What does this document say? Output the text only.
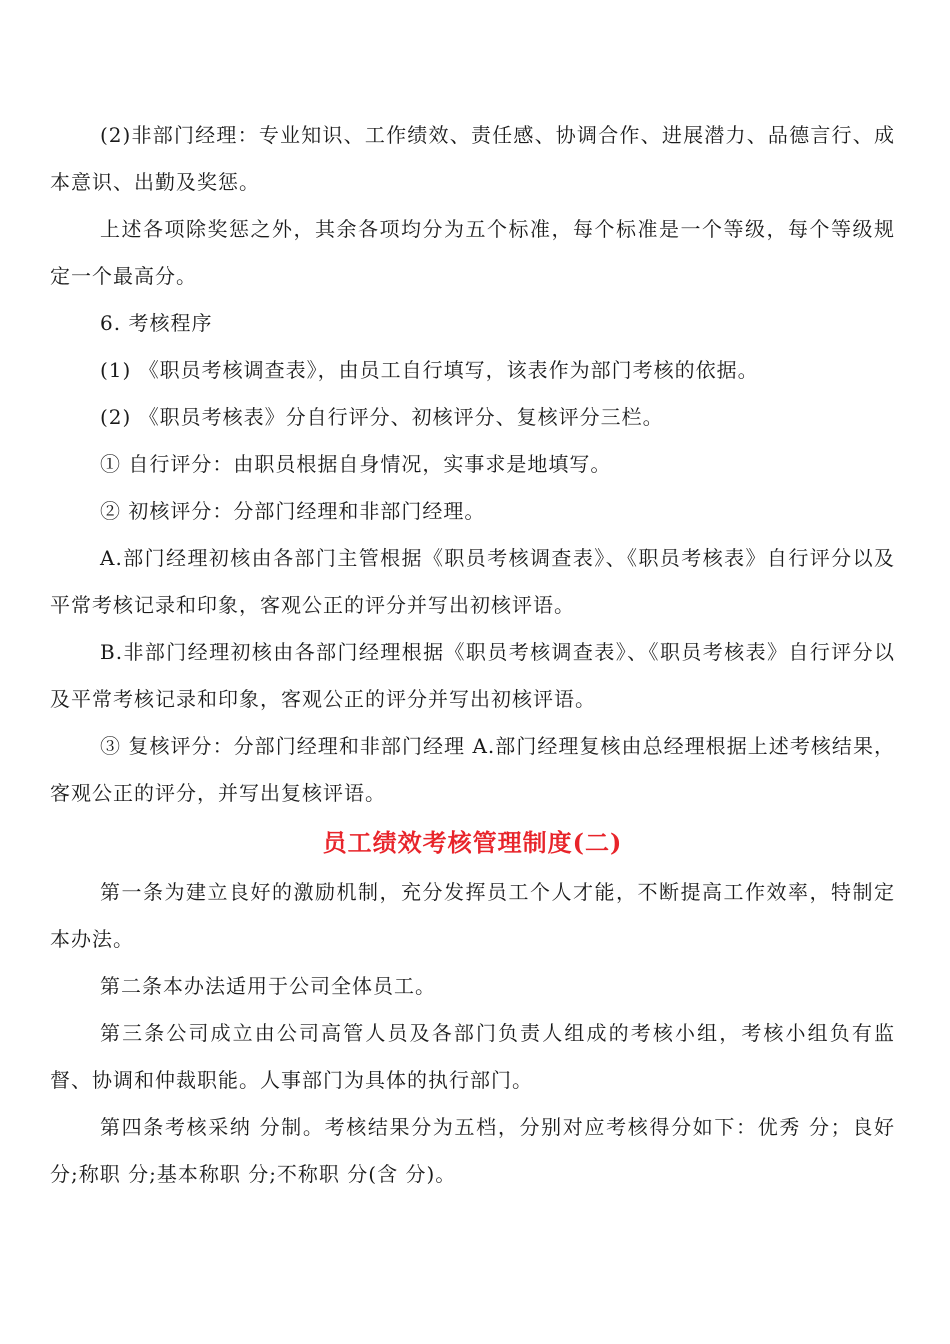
(2)非部门经理：专业知识、工作绩效、责任感、协调合作、进展潜力、品德言行、成本意识、出勤及奖惩。

上述各项除奖惩之外，其余各项均分为五个标准，每个标准是一个等级，每个等级规定一个最高分。

6. 考核程序

(1) 《职员考核调查表》，由员工自行填写，该表作为部门考核的依据。

(2) 《职员考核表》分自行评分、初核评分、复核评分三栏。

① 自行评分：由职员根据自身情况，实事求是地填写。

② 初核评分：分部门经理和非部门经理。

A.部门经理初核由各部门主管根据《职员考核调查表》、《职员考核表》自行评分以及平常考核记录和印象，客观公正的评分并写出初核评语。

B.非部门经理初核由各部门经理根据《职员考核调查表》、《职员考核表》自行评分以及平常考核记录和印象，客观公正的评分并写出初核评语。

③ 复核评分：分部门经理和非部门经理 A.部门经理复核由总经理根据上述考核结果，客观公正的评分，并写出复核评语。

员工绩效考核管理制度(二)

第一条为建立良好的激励机制，充分发挥员工个人才能，不断提高工作效率，特制定本办法。

第二条本办法适用于公司全体员工。

第三条公司成立由公司高管人员及各部门负责人组成的考核小组，考核小组负有监督、协调和仲裁职能。人事部门为具体的执行部门。

第四条考核采纳 分制。考核结果分为五档，分别对应考核得分如下：优秀 分；良好 分;称职 分;基本称职 分;不称职 分(含 分)。
